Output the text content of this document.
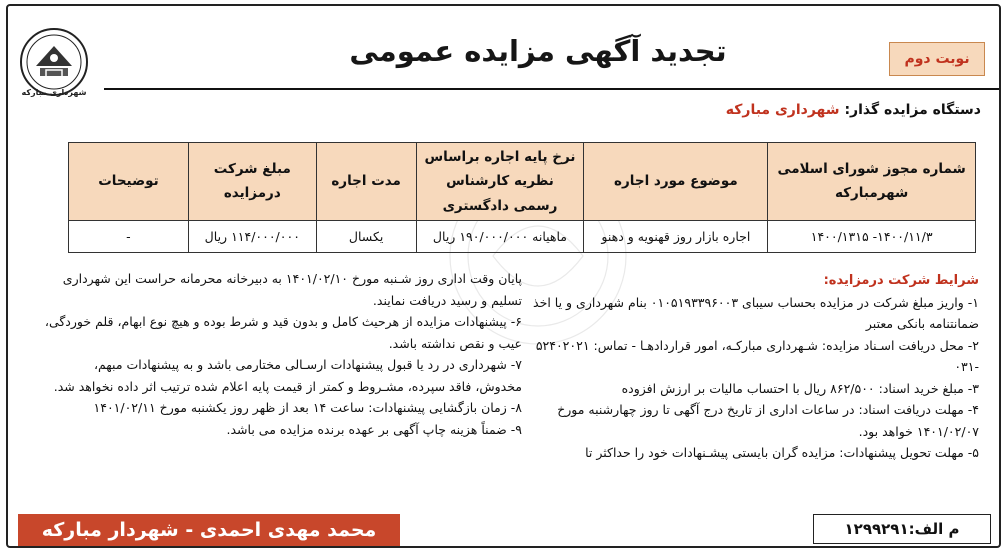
نوبت دوم
تجدید آگهی مزایده عمومی
شهرداری مبارکه
دستگاه مزایده گذار: شهرداری مبارکه
شماره مجوز شورای اسلامی شهرمبارکه	موضوع مورد اجاره	نرخ پایه اجاره براساس نظریه کارشناس رسمی دادگستری	مدت اجاره	مبلغ شرکت درمزایده	توضیحات
۱۴۰۰/۱۱/۳- ۱۴۰۰/۱۳۱۵	اجاره بازار روز قهنویه و دهنو	ماهیانه ۱۹۰/۰۰۰/۰۰۰ ریال	یکسال	۱۱۴/۰۰۰/۰۰۰ ریال	-
شرایط شرکت درمزایده:
۱- واریز مبلغ شرکت در مزایده بحساب سیبای ۰۱۰۵۱۹۳۳۹۶۰۰۳ بنام شهرداری و یا اخذ ضمانتنامه بانکی معتبر
۲- محل دریافت اسـناد مزایده: شـهرداری مبارکـه، امور قراردادهـا - تماس: ۵۲۴۰۲۰۲۱ -۰۳۱
۳- مبلغ خرید اسناد: ۸۶۲/۵۰۰ ریال با احتساب مالیات بر ارزش افزوده
۴- مهلت دریافت اسناد: در ساعات اداری از تاریخ درج آگهی تا روز چهارشنبه مورخ ۱۴۰۱/۰۲/۰۷ خواهد بود.
۵- مهلت تحویل پیشنهادات: مزایده گران بایستی پیشـنهادات خود را حداکثر تا
پایان وقت اداری روز شـنبه مورخ ۱۴۰۱/۰۲/۱۰ به دبیرخانه محرمانه حراست این شهرداری تسلیم و رسید دریافت نمایند.
۶- پیشنهادات مزایده از هرحیث کامل و بدون قید و شرط بوده و هیچ نوع ابهام، قلم خوردگی، عیب و نقص نداشته باشد.
۷- شهرداری در رد یا قبول پیشنهادات ارسـالی مختارمی باشد و به پیشنهادات مبهم، مخدوش، فاقد سپرده، مشـروط و کمتر از قیمت پایه اعلام شده ترتیب اثر داده نخواهد شد.
۸- زمان بازگشایی پیشنهادات: ساعت ۱۴ بعد از ظهر روز یکشنبه مورخ ۱۴۰۱/۰۲/۱۱
۹- ضمناً هزینه چاپ آگهی بر عهده برنده مزایده می باشد.
محمد مهدی احمدی - شهردار مبارکه	م الف:۱۲۹۹۲۹۱
